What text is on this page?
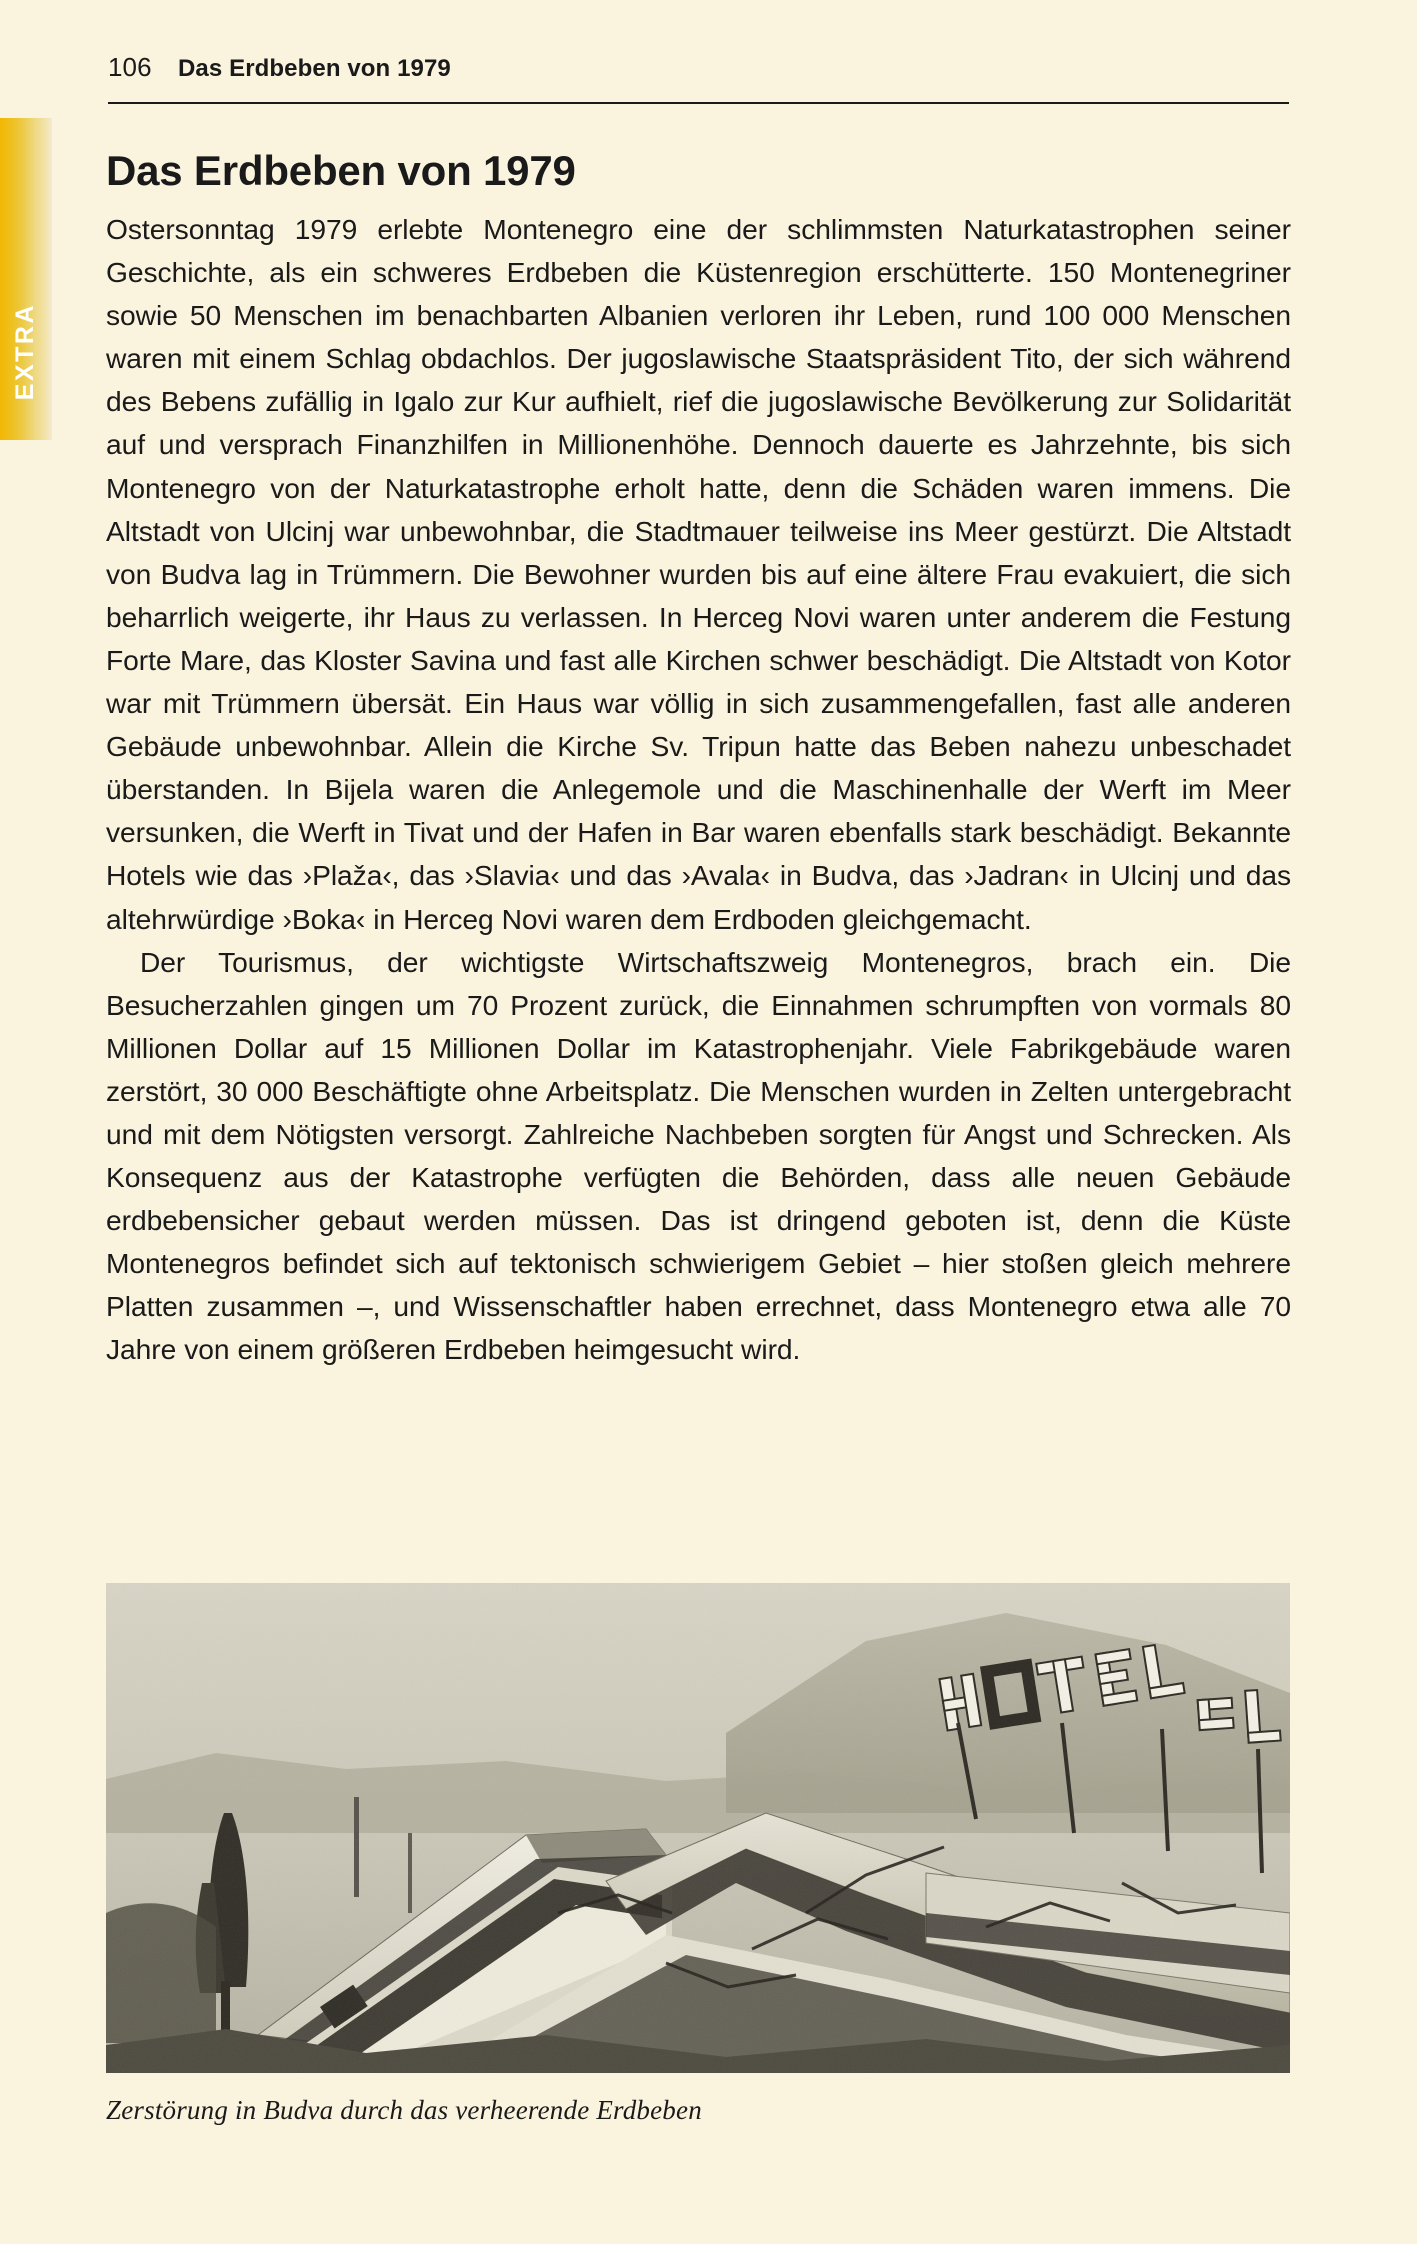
EXTRA
106	Das Erdbeben von 1979
Das Erdbeben von 1979

Ostersonntag 1979 erlebte Montenegro eine der schlimmsten Naturkatastrophen seiner Geschichte, als ein schweres Erdbeben die Küstenregion erschütterte. 150 Montenegriner sowie 50 Menschen im benachbarten Albanien verloren ihr Leben, rund 100 000 Menschen waren mit einem Schlag obdachlos. Der jugoslawische Staatspräsident Tito, der sich während des Bebens zufällig in Igalo zur Kur aufhielt, rief die jugoslawische Bevölkerung zur Solidarität auf und versprach Finanzhilfen in Millionenhöhe. Dennoch dauerte es Jahrzehnte, bis sich Montenegro von der Naturkatastrophe erholt hatte, denn die Schäden waren immens. Die Altstadt von Ulcinj war unbewohnbar, die Stadtmauer teilweise ins Meer gestürzt. Die Altstadt von Budva lag in Trümmern. Die Bewohner wurden bis auf eine ältere Frau evakuiert, die sich beharrlich weigerte, ihr Haus zu verlassen. In Herceg Novi waren unter anderem die Festung Forte Mare, das Kloster Savina und fast alle Kirchen schwer beschädigt. Die Altstadt von Kotor war mit Trümmern übersät. Ein Haus war völlig in sich zusammengefallen, fast alle anderen Gebäude unbewohnbar. Allein die Kirche Sv. Tripun hatte das Beben nahezu unbeschadet überstanden. In Bijela waren die Anlegemole und die Maschinenhalle der Werft im Meer versunken, die Werft in Tivat und der Hafen in Bar waren ebenfalls stark beschädigt. Bekannte Hotels wie das ›Plaža‹, das ›Slavia‹ und das ›Avala‹ in Budva, das ›Jadran‹ in Ulcinj und das altehrwürdige ›Boka‹ in Herceg Novi waren dem Erdboden gleichgemacht.

Der Tourismus, der wichtigste Wirtschaftszweig Montenegros, brach ein. Die Besucherzahlen gingen um 70 Prozent zurück, die Einnahmen schrumpften von vormals 80 Millionen Dollar auf 15 Millionen Dollar im Katastrophenjahr. Viele Fabrikgebäude waren zerstört, 30 000 Beschäftigte ohne Arbeitsplatz. Die Menschen wurden in Zelten untergebracht und mit dem Nötigsten versorgt. Zahlreiche Nachbeben sorgten für Angst und Schrecken. Als Konsequenz aus der Katastrophe verfügten die Behörden, dass alle neuen Gebäude erdbebensicher gebaut werden müssen. Das ist dringend geboten ist, denn die Küste Montenegros befindet sich auf tektonisch schwierigem Gebiet – hier stoßen gleich mehrere Platten zusammen –, und Wissenschaftler haben errechnet, dass Montenegro etwa alle 70 Jahre von einem größeren Erdbeben heimgesucht wird.

Zerstörung in Budva durch das verheerende Erdbeben
